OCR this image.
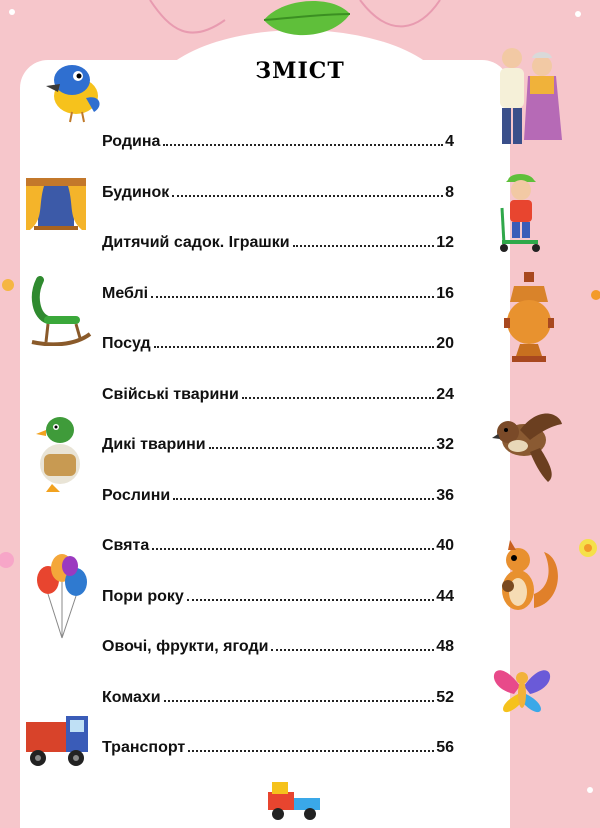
ЗМІСТ
Родина	4
Будинок	8
Дитячий садок. Іграшки	12
Меблі	16
Посуд	20
Свійські тварини	24
Дикі тварини	32
Рослини	36
Свята	40
Пори року	44
Овочі, фрукти, ягоди	48
Комахи	52
Транспорт	56
